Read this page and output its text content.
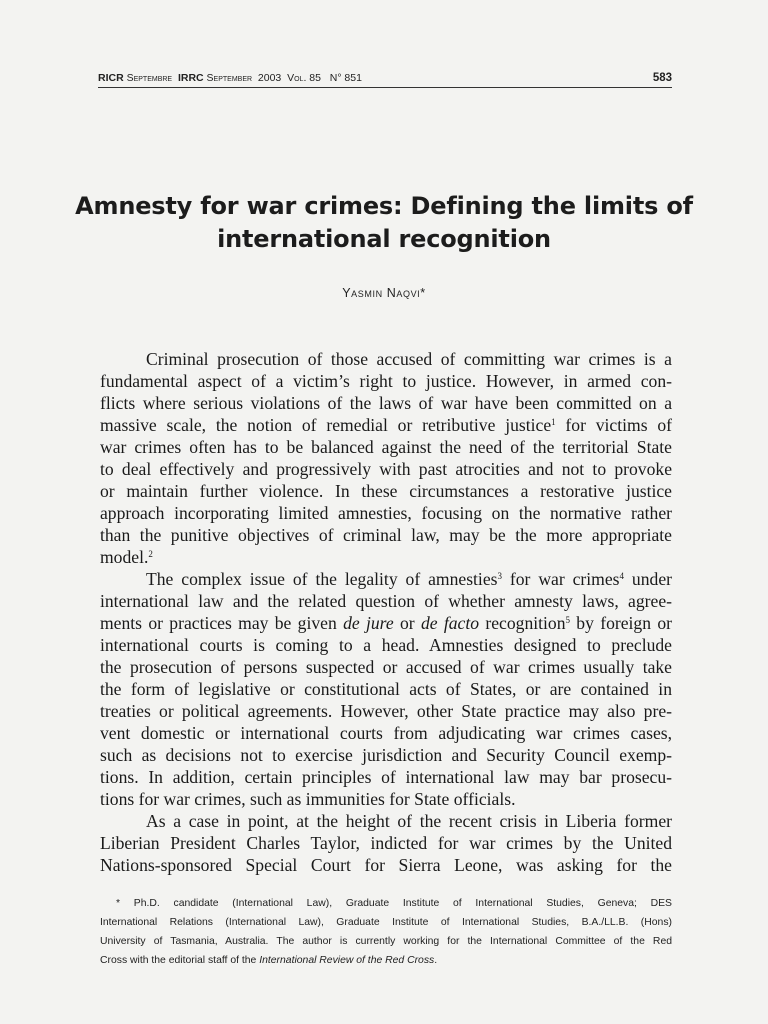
RICR Septembre IRRC September 2003 Vol. 85 N° 851	583
Amnesty for war crimes: Defining the limits of
international recognition
Yasmin Naqvi*
Criminal prosecution of those accused of committing war crimes is a
fundamental aspect of a victim’s right to justice. However, in armed con-
flicts where serious violations of the laws of war have been committed on a
massive scale, the notion of remedial or retributive justice$^1$ for victims of
war crimes often has to be balanced against the need of the territorial State
to deal effectively and progressively with past atrocities and not to provoke
or maintain further violence. In these circumstances a restorative justice
approach incorporating limited amnesties, focusing on the normative rather
than the punitive objectives of criminal law, may be the more appropriate
model.$^2$
The complex issue of the legality of amnesties$^3$ for war crimes$^4$ under
international law and the related question of whether amnesty laws, agree-
ments or practices may be given de jure or de facto recognition$^5$ by foreign or
international courts is coming to a head. Amnesties designed to preclude
the prosecution of persons suspected or accused of war crimes usually take
the form of legislative or constitutional acts of States, or are contained in
treaties or political agreements. However, other State practice may also pre-
vent domestic or international courts from adjudicating war crimes cases,
such as decisions not to exercise jurisdiction and Security Council exemp-
tions. In addition, certain principles of international law may bar prosecu-
tions for war crimes, such as immunities for State officials.
As a case in point, at the height of the recent crisis in Liberia former
Liberian President Charles Taylor, indicted for war crimes by the United
Nations-sponsored Special Court for Sierra Leone, was asking for the
* Ph.D. candidate (International Law), Graduate Institute of International Studies, Geneva; DES
International Relations (International Law), Graduate Institute of International Studies, B.A./LL.B. (Hons)
University of Tasmania, Australia. The author is currently working for the International Committee of the Red
Cross with the editorial staff of the International Review of the Red Cross.
